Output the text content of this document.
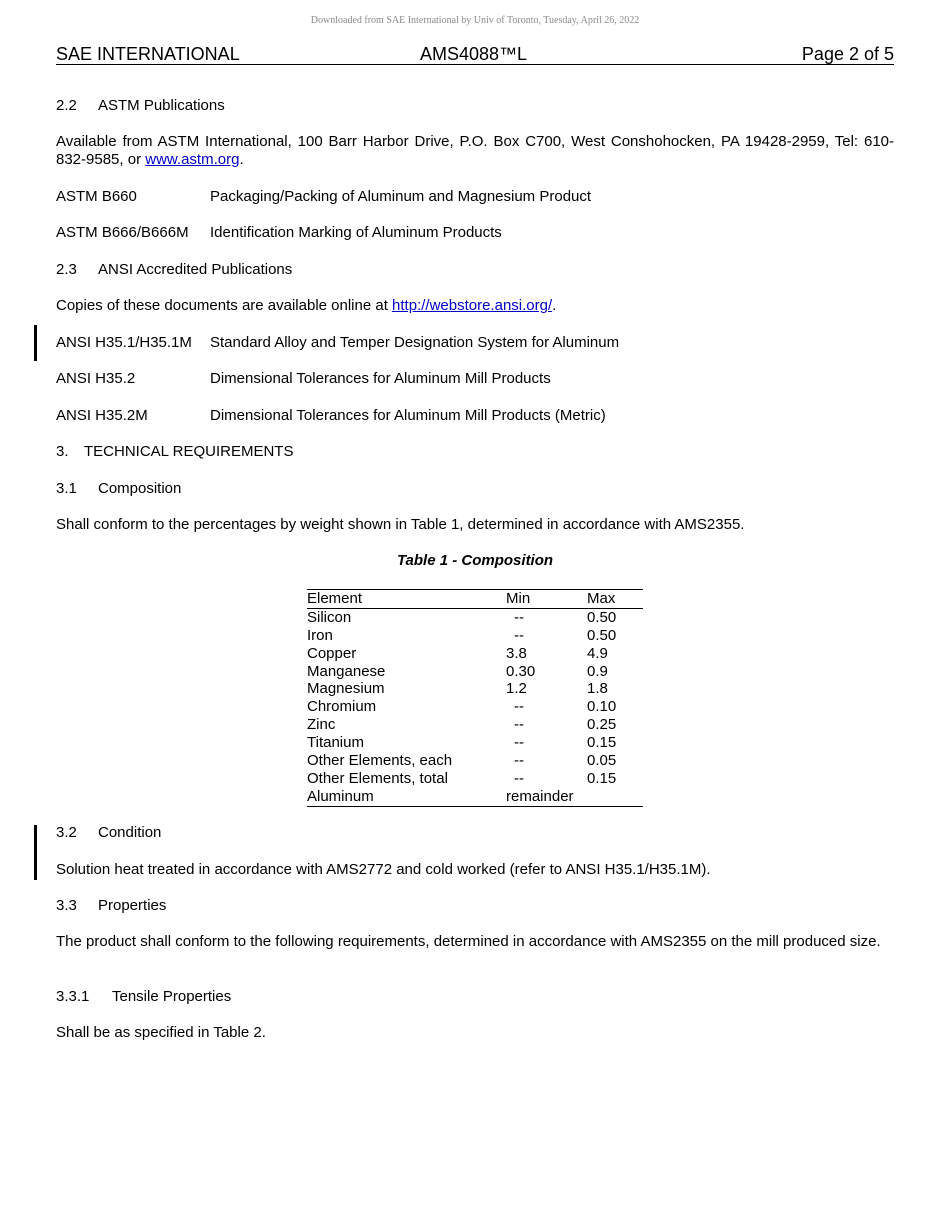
Downloaded from SAE International by Univ of Toronto, Tuesday, April 26, 2022
SAE INTERNATIONAL	AMS4088™L	Page 2 of 5
2.2 ASTM Publications
Available from ASTM International, 100 Barr Harbor Drive, P.O. Box C700, West Conshohocken, PA 19428-2959, Tel: 610-832-9585, or www.astm.org.
ASTM B660	Packaging/Packing of Aluminum and Magnesium Product
ASTM B666/B666M Identification Marking of Aluminum Products
2.3 ANSI Accredited Publications
Copies of these documents are available online at http://webstore.ansi.org/.
ANSI H35.1/H35.1M Standard Alloy and Temper Designation System for Aluminum
ANSI H35.2	Dimensional Tolerances for Aluminum Mill Products
ANSI H35.2M	Dimensional Tolerances for Aluminum Mill Products (Metric)
3. TECHNICAL REQUIREMENTS
3.1 Composition
Shall conform to the percentages by weight shown in Table 1, determined in accordance with AMS2355.
Table 1 - Composition
Element	Min	Max
Silicon	--	0.50
Iron	--	0.50
Copper	3.8	4.9
Manganese	0.30	0.9
Magnesium	1.2	1.8
Chromium	--	0.10
Zinc	--	0.25
Titanium	--	0.15
Other Elements, each	--	0.05
Other Elements, total	--	0.15
Aluminum	remainder
3.2 Condition
Solution heat treated in accordance with AMS2772 and cold worked (refer to ANSI H35.1/H35.1M).
3.3 Properties
The product shall conform to the following requirements, determined in accordance with AMS2355 on the mill produced size.
3.3.1 Tensile Properties
Shall be as specified in Table 2.
